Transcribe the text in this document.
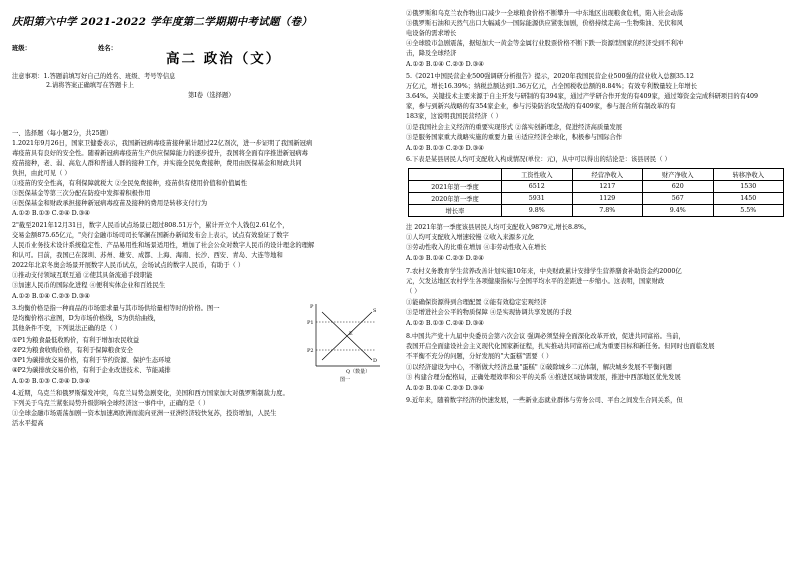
庆阳第六中学 2021-2022 学年度第二学期期中考试题（卷）
班级：	姓名：
高二 政治（文）
注意事项：1.答题前填写好自己的姓名、班级、考号等信息
2.请将答案正确填写在答题卡上
第I卷（选择题）
一、选择题（每小题2分，共25题）
1.2021年9月26日，国家卫健委表示，我国新冠病毒疫苗接种累计超过22亿剂次，进一步证明了我国新冠病
毒疫苗具有良好的安全性。随着新冠病毒疫苗生产供应保障能力的逐步提升，我国将全面有序推进新冠病毒
疫苗接种，老、弱、高危人群和普通人群的接种工作，并实施全民免费接种，费用由医保基金和财政共同
负担，由此可见（ ）
①疫苗的安全性高，有利保障就税大 ②全民免费接种，疫苗供有使用价值和价值属性
③医保基金等第三次分配在防疫中发挥着积极作用
④医保基金和财政承担接种新冠病毒疫苗及接种的费用是转移支付行为
A.①② B.①③ C.②④ D.③④
2"截至2021年12月31日，数字人民币试点场景已超过808.51万个，累计开立个人钱包2.61亿个，
交易金额875.65亿元，"央行金融市场司司长邹澜在国新办新闻发布会上表示，试点有效验证了数字
人民币业务技术设计系统稳定性、产品易用性和场景适用性，增加了社会公众对数字人民币的设计理念的理解
和认可。目前，我国已在深圳、苏州、雄安、成都、上海、海南、长沙、西安、青岛、大连等地和
2022年北京冬奥会场景开展数字人民币试点，会场试点的数字人民币，有助于（ ）
①推动支付领域互联互通 ②使其具备流通手段职能
③加速人民币的国际化进程 ④便利实体企业和百姓民生
A.①② B.①④ C.②③ D.③④
3.均衡价格是指一种商品的市场需求量与其市场供给量相等时的价格。图一
是均衡价格示意图，D为市场价格线，S为供给曲线，
其他条件不变，下列说法正确的是（ ）
①P1为粮食最低收购价，有利于增加农民收益
②P2为粮食收购价格，有利于保障粮食安全
③P1为碳排放交易价格，有利于节约资源、保护生态环境
④P2为碳排放交易价格，有利于企业改进技术、节能减排
A.①② B.①③ C.②④ D.③④
4.近期，乌克兰和俄罗斯爆发冲突，乌克兰局势急剧变化，美国和西方国家加大对俄罗斯制裁力度。
下列关于乌克兰紧张局势升级影响全球经济这一事件中，正确的是（ ）
①全球金融市场震荡加剧一资本加速离欧洲而流向亚洲一亚洲经济较快复苏，投资增加，人民生
活水平提高
P
Q（数量）
P1
E
P2
D
S
图一
②俄罗斯和乌克兰农作物出口减少一全球粮食价格不断攀升一中东地区出现粮食危机，陷入社会动荡
③俄罗斯石油和天然气出口大幅减少一国际能源供应紧张加剧，价格持续走高一生物柴油、光伏和风
电设备的需求增长
④全球股市急剧震荡，据短加大一黄金等金属行业股票价格不断下跌一资源型国家的经济受到不利冲
击，降及全球经济
A.①② B.①④ C.②③ D.③④
5.《2021中国民营企业500强调研分析报告》提示，2020年我国民营企业500强的营业收入总额35.12
万亿元，增长16.39%；纳税总额达到1.36万亿元，占全国税收总额的8.84%；有效专利数量较上年增长
3.64%。关键技术主要来源于自主开发与研制的有394家，通过产学研合作开发的有409家，通过筹资金完成科研项目的有409
家，参与到新兴战略的有354家企业，参与污染防治攻坚战的有409家，参与混合所有制改革的有
183家，这说明我国民营经济（ ）
①是我国社会主义经济的重要实现形式 ②落实创新理念，促进经济高质量发展
③是服务国家重大战略实施的重要力量 ④适应经济全球化，积极参与国际合作
A.①② B.①③ C.②③ D.③④
6.下表是某县居民人均可支配收入构成情况(单位：元)，从中可以得出的结论是：该县居民（ ）
	工资性收入	经营净收入	财产净收入	转移净收入
2021年第一季度	6512	1217	620	1530
2020年第一季度	5931	1129	567	1450
增长率	9.8%	7.8%	9.4%	5.5%
注 2021年第一季度该县居民人均可支配收入9879元,增长8.8%。
①人均可支配收入增速较慢 ②收入来源多元化
③劳动性收入的比重在增加 ④非劳动性收入在增长
A.①③ B.①④ C.②③ D.②④
7.农村义务教育学生营养改善计划实施10年来，中央财政累计安排学生营养膳食补助资金约2000亿
元，欠发达地区农村学生各项健康指标与全国平均水平的差距进一步缩小。这表明，国家财政
（ ）
①能确保资源得到合理配置 ②能有效稳定宏观经济
③是增进社会公平的物质保障 ④是实现协调共享发展的手段
A.①② B.①③ C.②④ D.③④
8.中国共产党十九届中央委员会第六次会议 强调必须坚持全面深化改革开放，促进共同富裕。当前，
我国开启全面建设社会主义现代化国家新征程，扎实推动共同富裕已成为重要目标和新任务。但同时也面临发展
不平衡不充分的问题，分好发展的"大蛋糕"需要（ ）
①以经济建设为中心，不断做大经济总量"蛋糕" ②破除城乡二元体制，解决城乡发展不平衡问题
③ 构建合理分配格局，正确处理效率和公平的关系 ④推进区域协调发展，推进中西部地区优先发展
A.①② B.①④ C.②③ D.③④
9.近年来，随着数字经济的快速发展，一些新业态就业群体与劳务公司、平台之间发生合同关系，但
